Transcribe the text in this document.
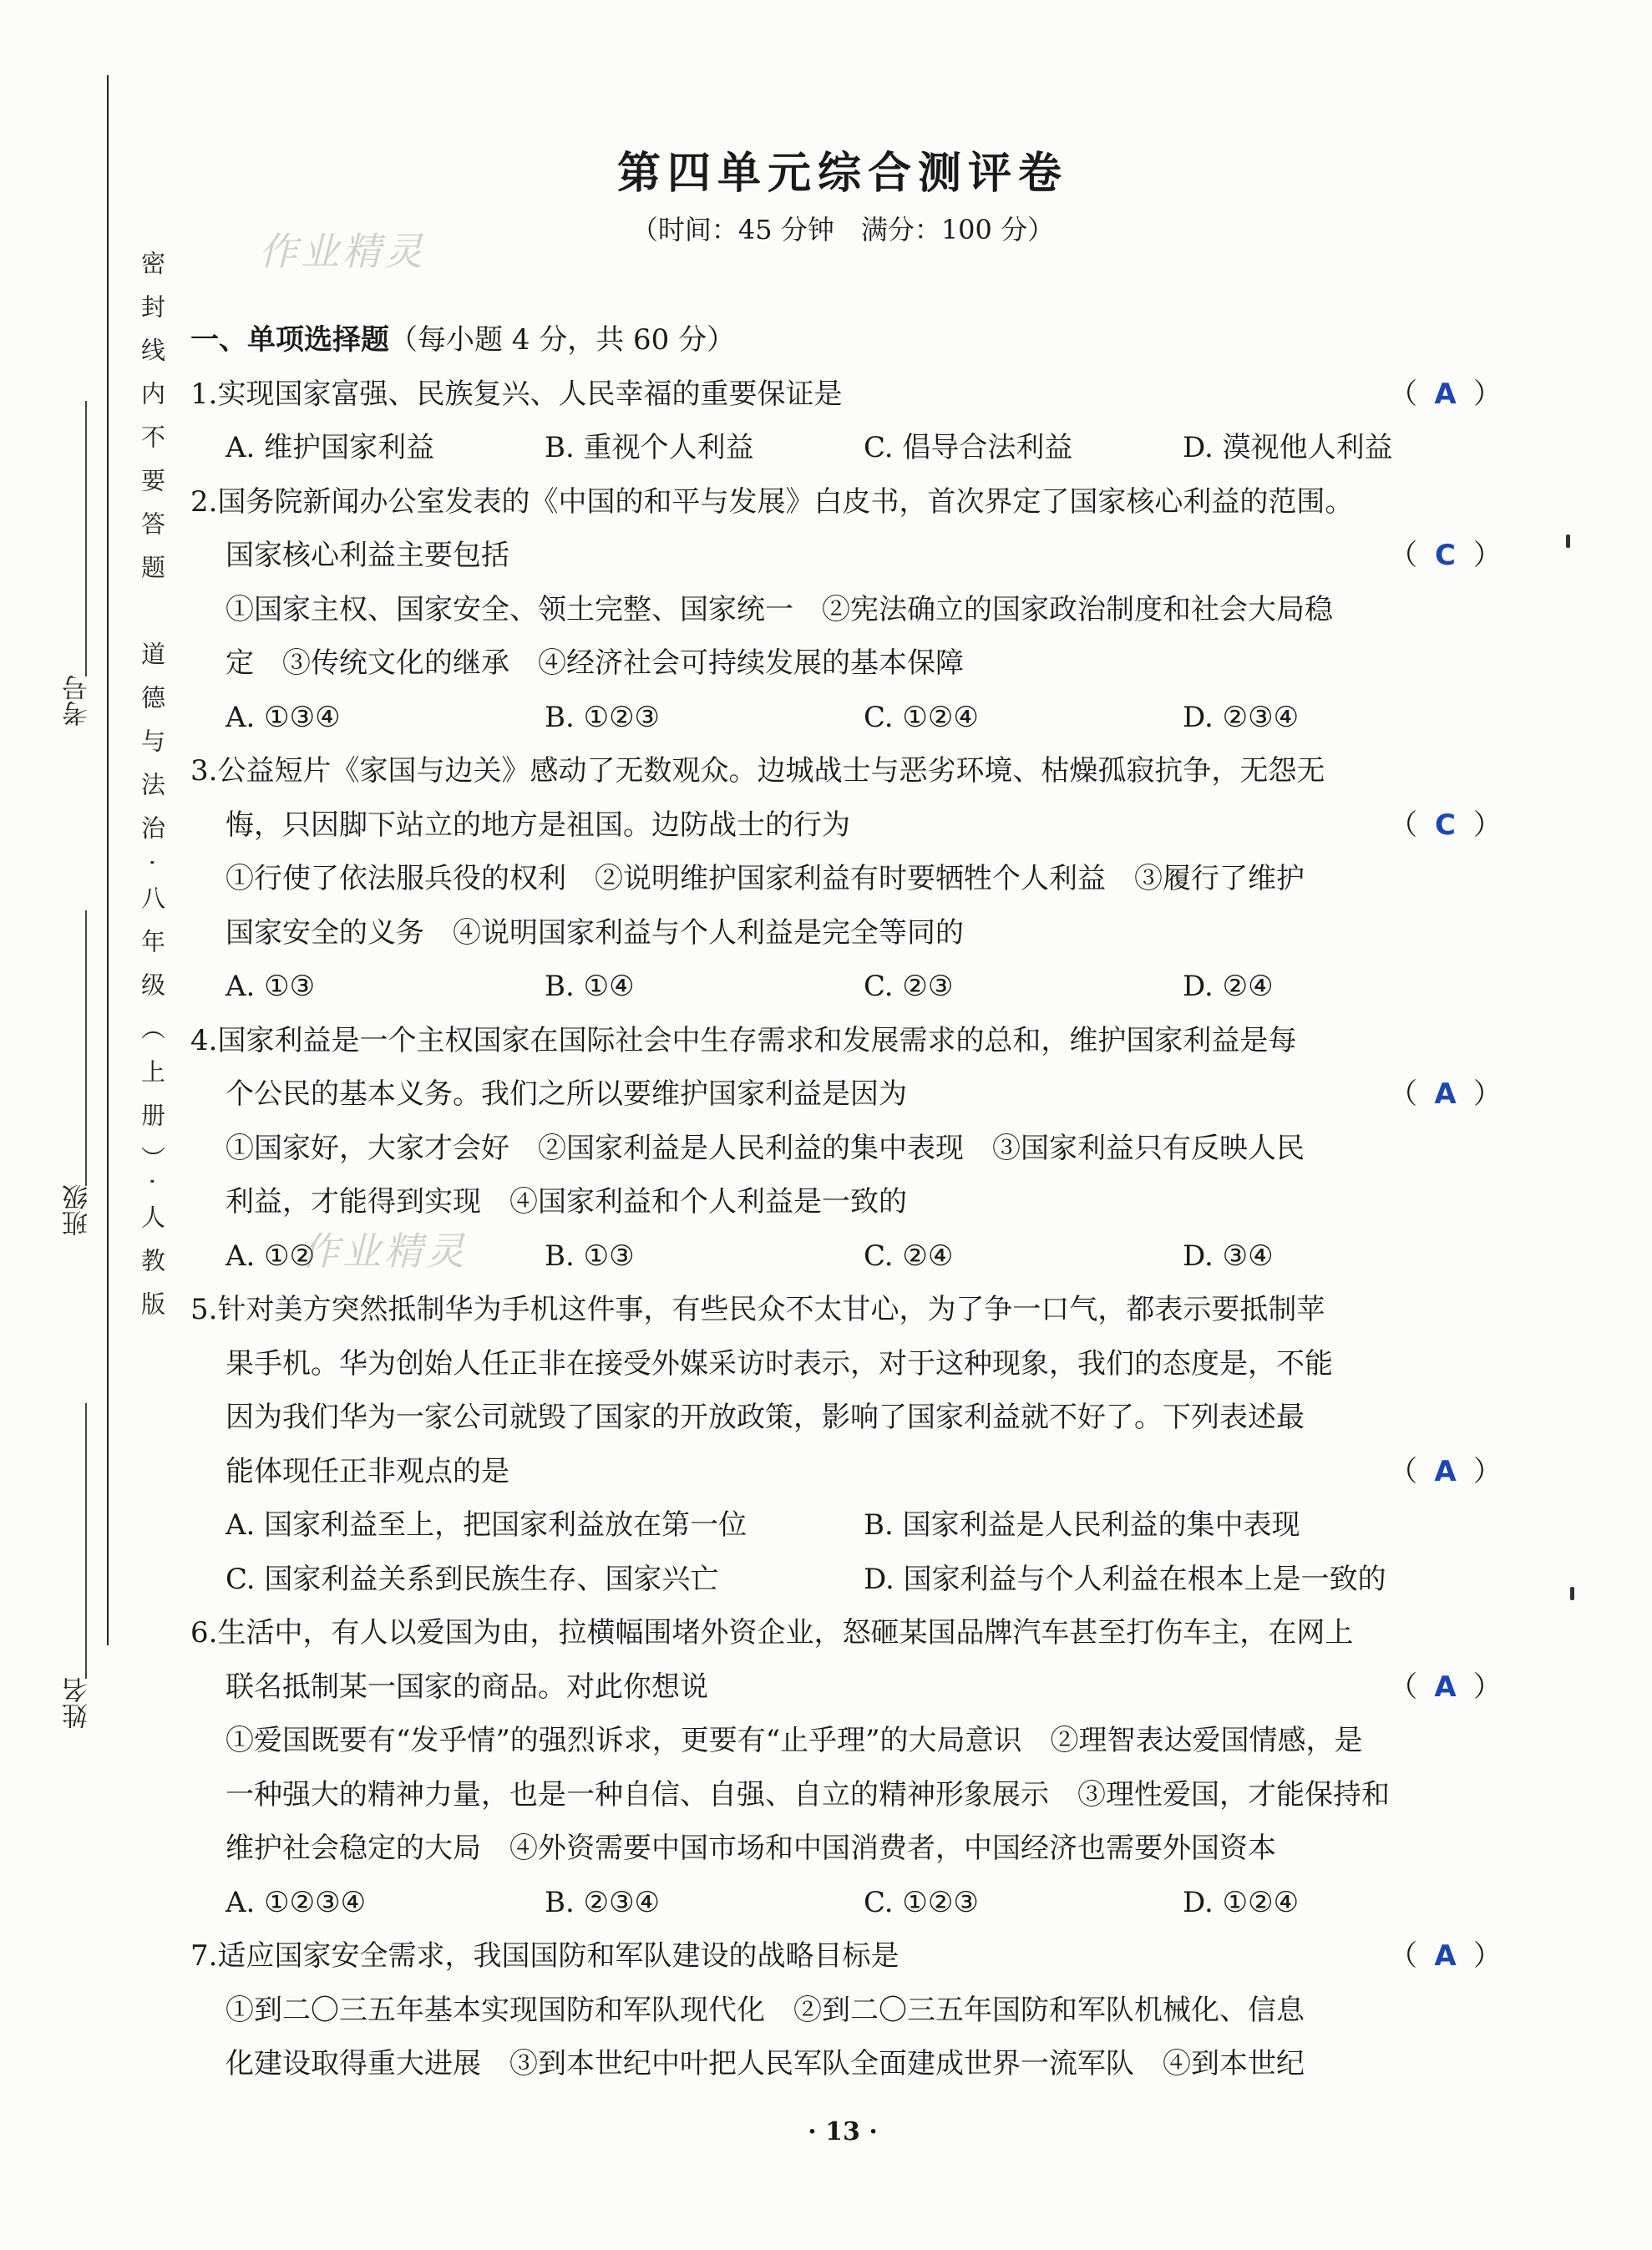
密封线内不要答题　道德与法治·八年级（上册）·人教版
考号
班级
姓名
第四单元综合测评卷
（时间：45 分钟　满分：100 分）
作业精灵
作业精灵
一、单项选择题（每小题 4 分，共 60 分）
1.实现国家富强、民族复兴、人民幸福的重要保证是	（ A ）
A. 维护国家利益	B. 重视个人利益	C. 倡导合法利益	D. 漠视他人利益
2.国务院新闻办公室发表的《中国的和平与发展》白皮书，首次界定了国家核心利益的范围。
国家核心利益主要包括	（ C ）
①国家主权、国家安全、领土完整、国家统一　②宪法确立的国家政治制度和社会大局稳
定　③传统文化的继承　④经济社会可持续发展的基本保障
A. ①③④	B. ①②③	C. ①②④	D. ②③④
3.公益短片《家国与边关》感动了无数观众。边城战士与恶劣环境、枯燥孤寂抗争，无怨无
悔，只因脚下站立的地方是祖国。边防战士的行为	（ C ）
①行使了依法服兵役的权利　②说明维护国家利益有时要牺牲个人利益　③履行了维护
国家安全的义务　④说明国家利益与个人利益是完全等同的
A. ①③	B. ①④	C. ②③	D. ②④
4.国家利益是一个主权国家在国际社会中生存需求和发展需求的总和，维护国家利益是每
个公民的基本义务。我们之所以要维护国家利益是因为	（ A ）
①国家好，大家才会好　②国家利益是人民利益的集中表现　③国家利益只有反映人民
利益，才能得到实现　④国家利益和个人利益是一致的
A. ①②	B. ①③	C. ②④	D. ③④
5.针对美方突然抵制华为手机这件事，有些民众不太甘心，为了争一口气，都表示要抵制苹
果手机。华为创始人任正非在接受外媒采访时表示，对于这种现象，我们的态度是，不能
因为我们华为一家公司就毁了国家的开放政策，影响了国家利益就不好了。下列表述最
能体现任正非观点的是	（ A ）
A. 国家利益至上，把国家利益放在第一位	B. 国家利益是人民利益的集中表现
C. 国家利益关系到民族生存、国家兴亡	D. 国家利益与个人利益在根本上是一致的
6.生活中，有人以爱国为由，拉横幅围堵外资企业，怒砸某国品牌汽车甚至打伤车主，在网上
联名抵制某一国家的商品。对此你想说	（ A ）
①爱国既要有“发乎情”的强烈诉求，更要有“止乎理”的大局意识　②理智表达爱国情感，是
一种强大的精神力量，也是一种自信、自强、自立的精神形象展示　③理性爱国，才能保持和
维护社会稳定的大局　④外资需要中国市场和中国消费者，中国经济也需要外国资本
A. ①②③④	B. ②③④	C. ①②③	D. ①②④
7.适应国家安全需求，我国国防和军队建设的战略目标是	（ A ）
①到二〇三五年基本实现国防和军队现代化　②到二〇三五年国防和军队机械化、信息
化建设取得重大进展　③到本世纪中叶把人民军队全面建成世界一流军队　④到本世纪
· 13 ·
